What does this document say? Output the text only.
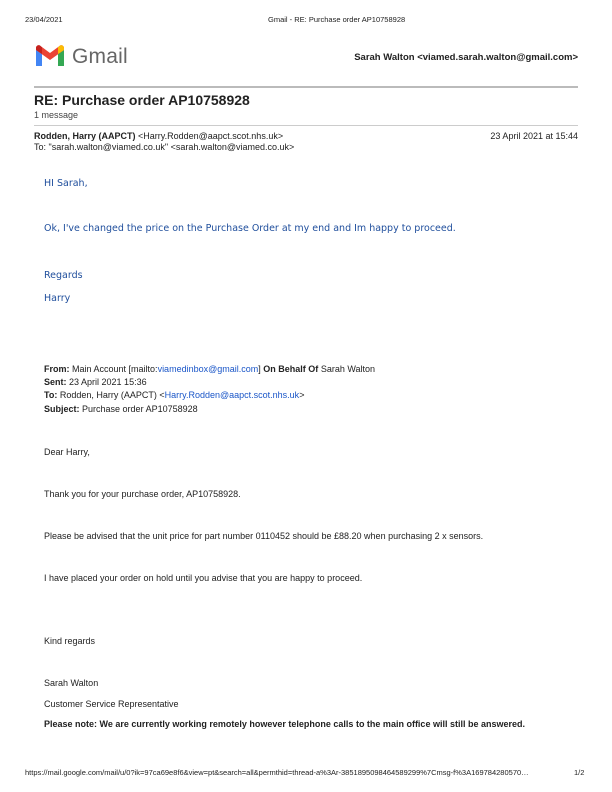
23/04/2021	Gmail - RE: Purchase order AP10758928
Gmail	Sarah Walton <viamed.sarah.walton@gmail.com>
RE: Purchase order AP10758928
1 message
Rodden, Harry (AAPCT) <Harry.Rodden@aapct.scot.nhs.uk>	23 April 2021 at 15:44
To: "sarah.walton@viamed.co.uk" <sarah.walton@viamed.co.uk>
HI Sarah,
Ok, I've changed the price on the Purchase Order at my end and Im happy to proceed.
Regards
Harry
From: Main Account [mailto:viamedinbox@gmail.com] On Behalf Of Sarah Walton
Sent: 23 April 2021 15:36
To: Rodden, Harry (AAPCT) <Harry.Rodden@aapct.scot.nhs.uk>
Subject: Purchase order AP10758928
Dear Harry,
Thank you for your purchase order, AP10758928.
Please be advised that the unit price for part number 0110452 should be £88.20 when purchasing 2 x sensors.
I have placed your order on hold until you advise that you are happy to proceed.
Kind regards
Sarah Walton
Customer Service Representative
Please note: We are currently working remotely however telephone calls to the main office will still be answered.
https://mail.google.com/mail/u/0?ik=97ca69e8f6&view=pt&search=all&permthid=thread-a%3Ar-3851895098464589299%7Cmsg-f%3A169784280570…	1/2
